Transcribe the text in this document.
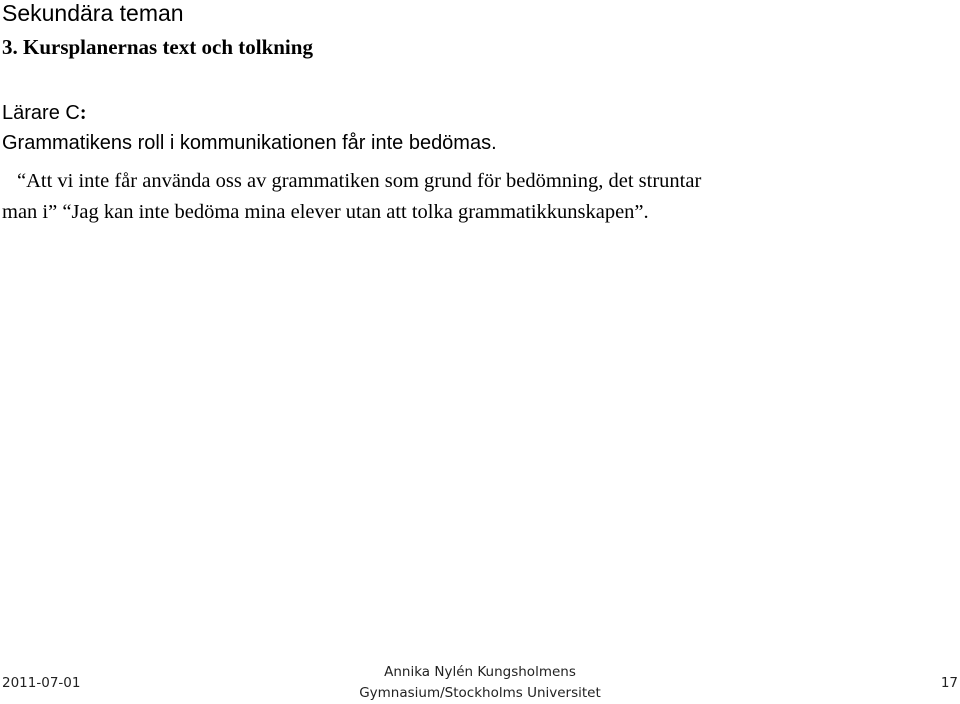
Sekundära teman
3. Kursplanernas text och tolkning
Lärare C:
Grammatikens roll i kommunikationen får inte bedömas.
“Att vi inte får använda oss av grammatiken som grund för bedömning, det struntar
man i” “Jag kan inte bedöma mina elever utan att tolka grammatikkunskapen”.
2011-07-01
Annika Nylén Kungsholmens
Gymnasium/Stockholms Universitet
17
